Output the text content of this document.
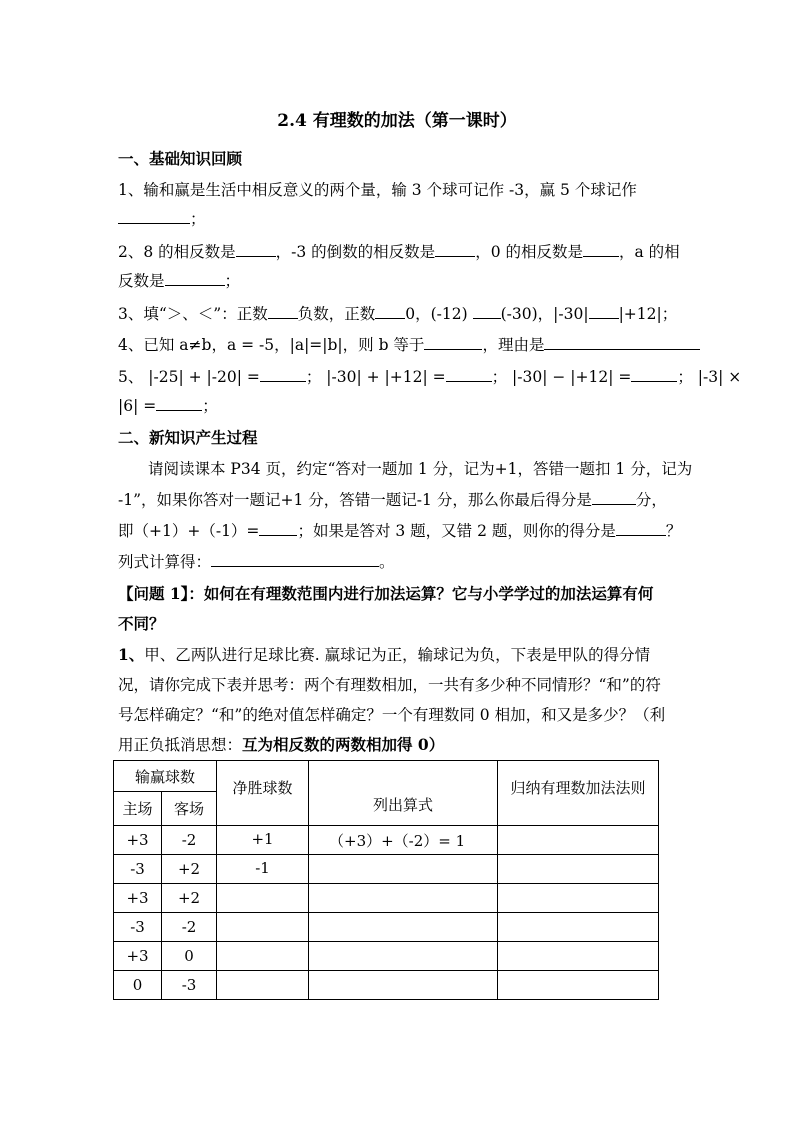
2.4 有理数的加法（第一课时）
一、基础知识回顾
1、输和赢是生活中相反意义的两个量，输 3 个球可记作 -3，赢 5 个球记作
；
2、8 的相反数是	，-3 的倒数的相反数是	，0 的相反数是 ，a 的相
反数是	；
3、填“＞、＜”：正数 负数，正数 0，(-12) (-30)，|-30| |+12|；
4、已知 a≠b，a = -5，|a|=|b|，则 b 等于	，理由是
5、 |-25| + |-20| =	； |-30| + |+12| =	； |-30| − |+12| =	； |-3| ×
|6| =	；
二、新知识产生过程
请阅读课本 P34 页，约定“答对一题加 1 分，记为+1，答错一题扣 1 分，记为
-1”，如果你答对一题记+1 分，答错一题记-1 分，那么你最后得分是	分，
即（+1）+（-1）= ；如果是答对 3 题，又错 2 题，则你的得分是	？
列式计算得：	。
【问题 1】：如何在有理数范围内进行加法运算？它与小学学过的加法运算有何
不同？
1、甲、乙两队进行足球比赛. 赢球记为正，输球记为负，下表是甲队的得分情
况，请你完成下表并思考：两个有理数相加，一共有多少种不同情形？“和”的符
号怎样确定？“和”的绝对值怎样确定？一个有理数同 0 相加，和又是多少？（利
用正负抵消思想：互为相反数的两数相加得 0）
输赢球数		净胜球数	列出算式	归纳有理数加法法则
主场	客场			
+3	-2	+1	（+3）+（-2）= 1	
-3	+2	-1		
+3	+2			
-3	-2			
+3	0			
0	-3			
